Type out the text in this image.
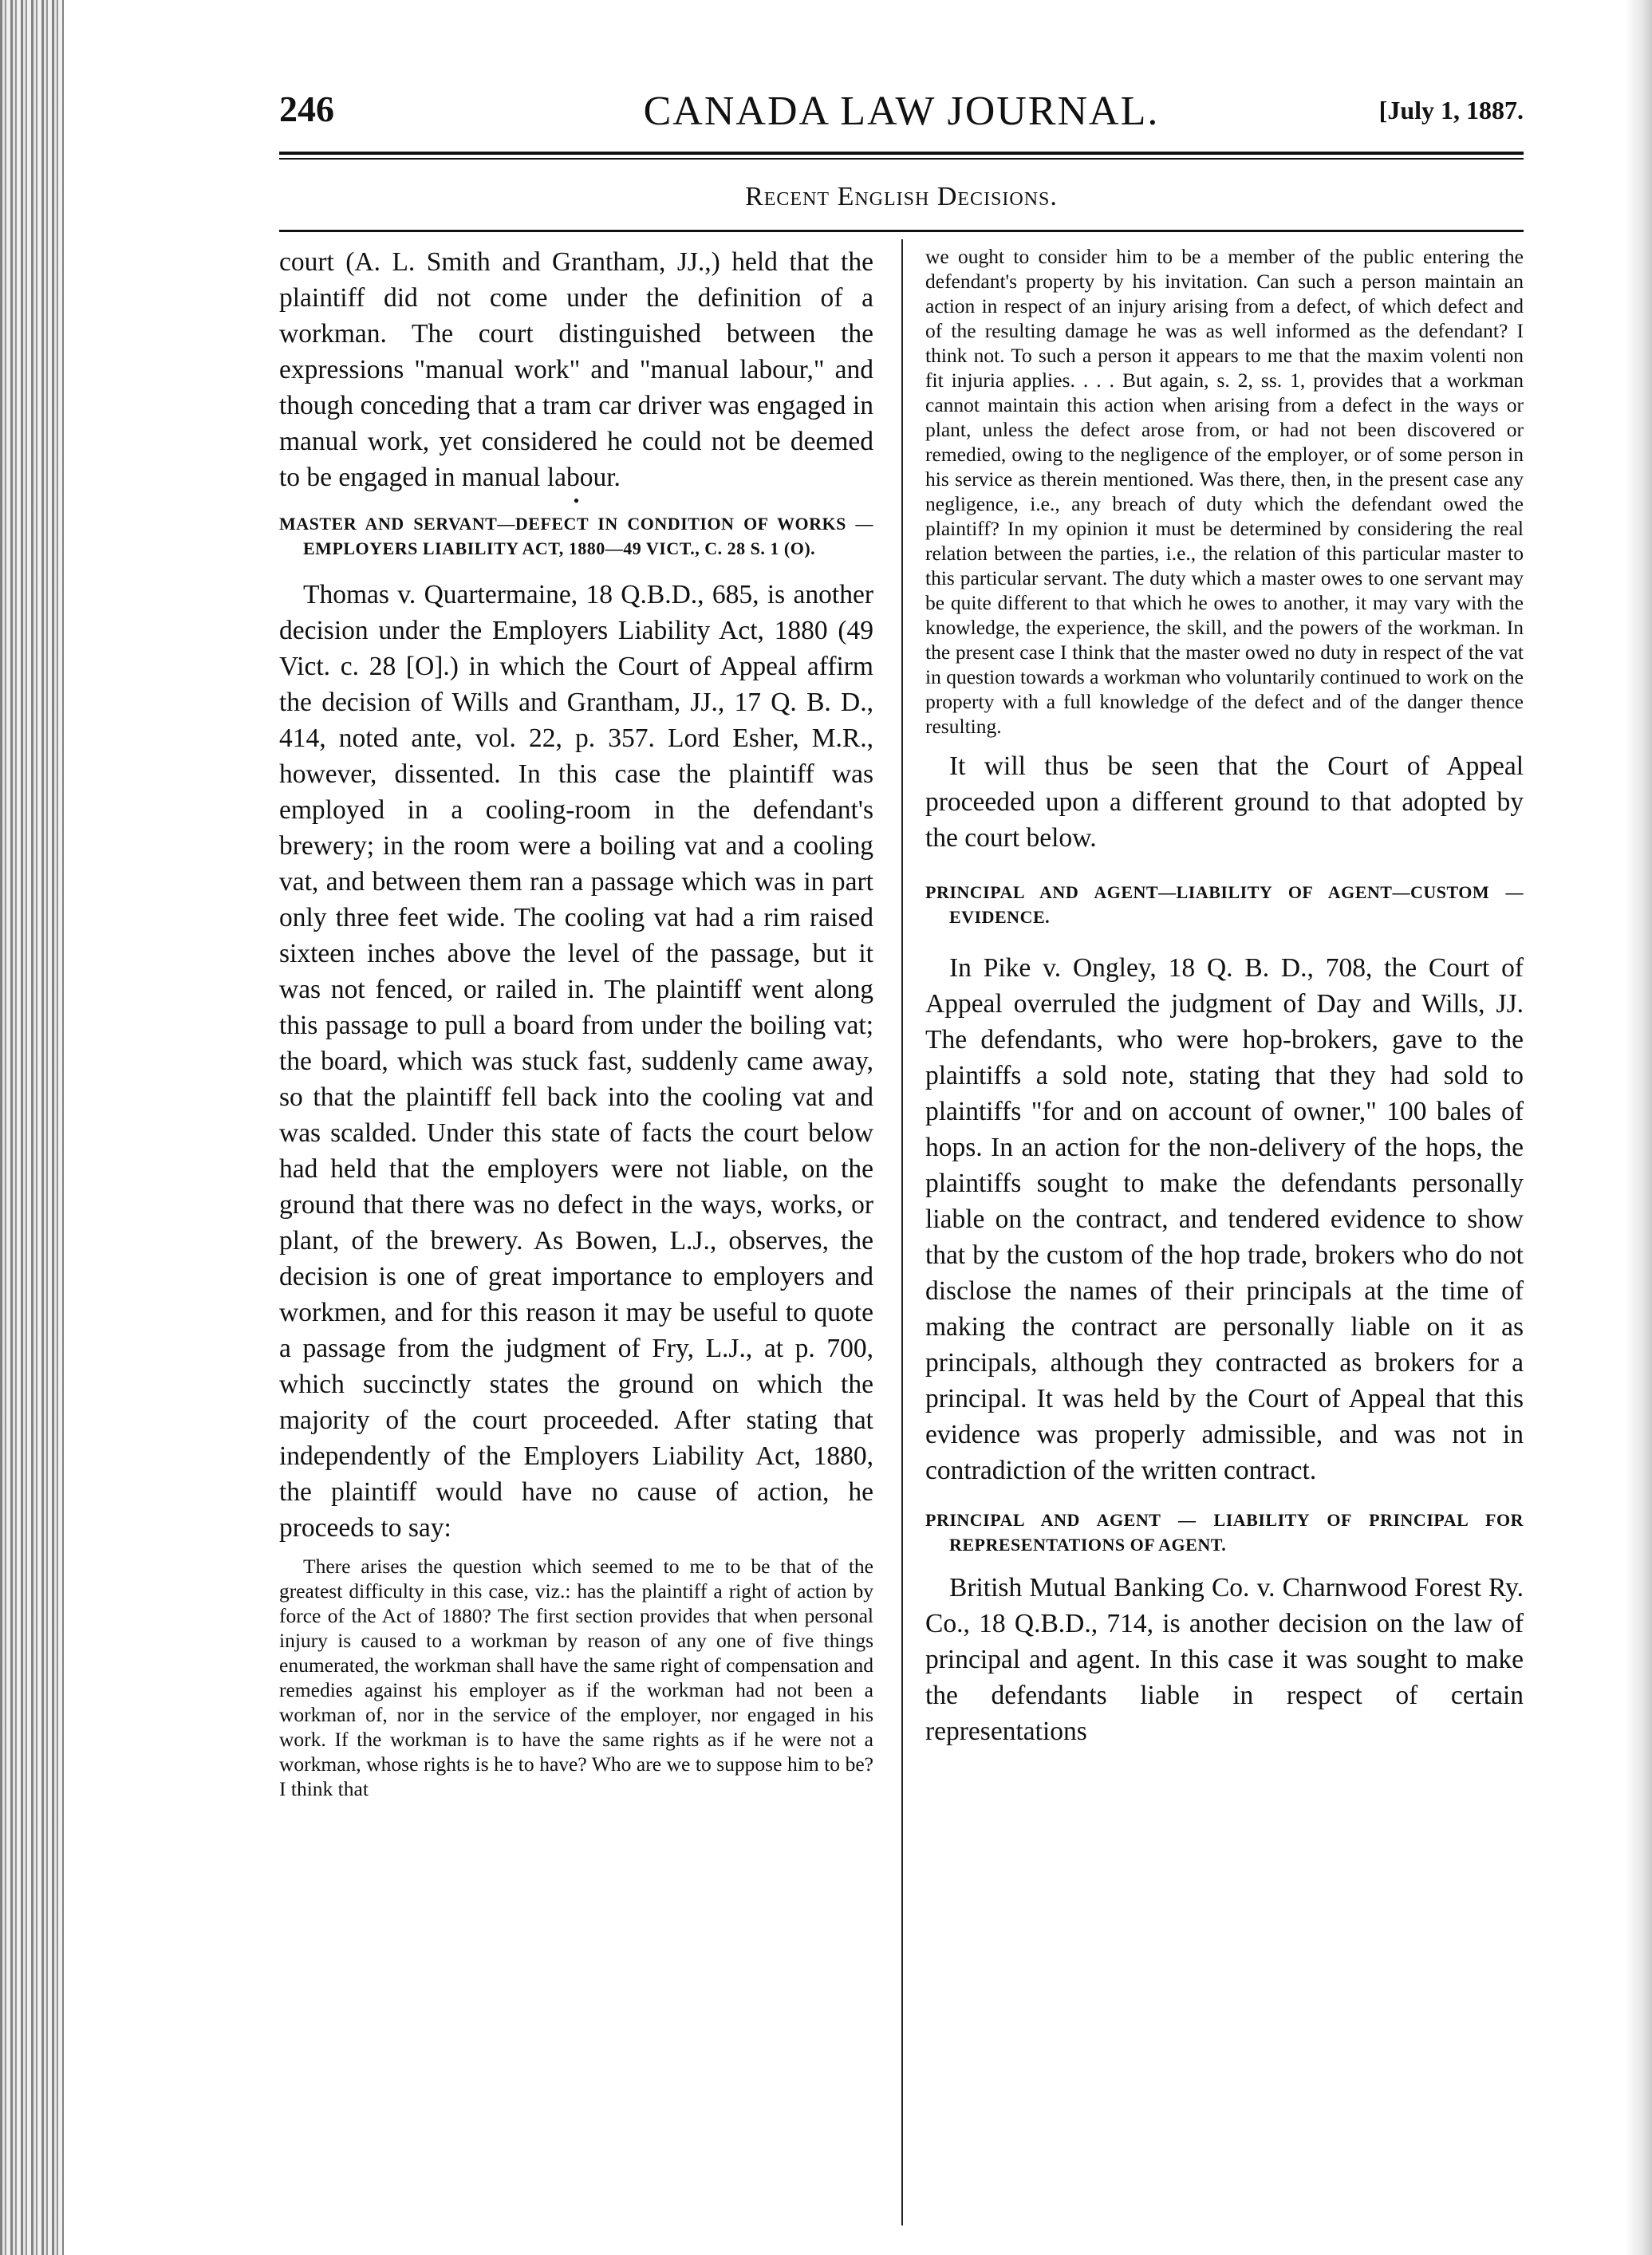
246	CANADA LAW JOURNAL.	[July 1, 1887.
Recent English Decisions.

court (A. L. Smith and Grantham, JJ.,) held that the plaintiff did not come under the definition of a workman. The court distinguished between the expressions "manual work" and "manual labour," and though conceding that a tram car driver was engaged in manual work, yet considered he could not be deemed to be engaged in manual labour.

•

MASTER AND SERVANT—DEFECT IN CONDITION OF WORKS —EMPLOYERS LIABILITY ACT, 1880—49 VICT., C. 28 S. 1 (O).

Thomas v. Quartermaine, 18 Q.B.D., 685, is another decision under the Employers Liability Act, 1880 (49 Vict. c. 28 [O].) in which the Court of Appeal affirm the decision of Wills and Grantham, JJ., 17 Q. B. D., 414, noted ante, vol. 22, p. 357. Lord Esher, M.R., however, dissented. In this case the plaintiff was employed in a cooling-room in the defendant's brewery; in the room were a boiling vat and a cooling vat, and between them ran a passage which was in part only three feet wide. The cooling vat had a rim raised sixteen inches above the level of the passage, but it was not fenced, or railed in. The plaintiff went along this passage to pull a board from under the boiling vat; the board, which was stuck fast, suddenly came away, so that the plaintiff fell back into the cooling vat and was scalded. Under this state of facts the court below had held that the employers were not liable, on the ground that there was no defect in the ways, works, or plant, of the brewery. As Bowen, L.J., observes, the decision is one of great importance to employers and workmen, and for this reason it may be useful to quote a passage from the judgment of Fry, L.J., at p. 700, which succinctly states the ground on which the majority of the court proceeded. After stating that independently of the Employers Liability Act, 1880, the plaintiff would have no cause of action, he proceeds to say:

There arises the question which seemed to me to be that of the greatest difficulty in this case, viz.: has the plaintiff a right of action by force of the Act of 1880? The first section provides that when personal injury is caused to a workman by reason of any one of five things enumerated, the workman shall have the same right of compensation and remedies against his employer as if the workman had not been a workman of, nor in the service of the employer, nor engaged in his work. If the workman is to have the same rights as if he were not a workman, whose rights is he to have? Who are we to suppose him to be? I think that

we ought to consider him to be a member of the public entering the defendant's property by his invitation. Can such a person maintain an action in respect of an injury arising from a defect, of which defect and of the resulting damage he was as well informed as the defendant? I think not. To such a person it appears to me that the maxim volenti non fit injuria applies. . . . But again, s. 2, ss. 1, provides that a workman cannot maintain this action when arising from a defect in the ways or plant, unless the defect arose from, or had not been discovered or remedied, owing to the negligence of the employer, or of some person in his service as therein mentioned. Was there, then, in the present case any negligence, i.e., any breach of duty which the defendant owed the plaintiff? In my opinion it must be determined by considering the real relation between the parties, i.e., the relation of this particular master to this particular servant. The duty which a master owes to one servant may be quite different to that which he owes to another, it may vary with the knowledge, the experience, the skill, and the powers of the workman. In the present case I think that the master owed no duty in respect of the vat in question towards a workman who voluntarily continued to work on the property with a full knowledge of the defect and of the danger thence resulting.

It will thus be seen that the Court of Appeal proceeded upon a different ground to that adopted by the court below.

PRINCIPAL AND AGENT—LIABILITY OF AGENT—CUSTOM —EVIDENCE.

In Pike v. Ongley, 18 Q. B. D., 708, the Court of Appeal overruled the judgment of Day and Wills, JJ. The defendants, who were hop-brokers, gave to the plaintiffs a sold note, stating that they had sold to plaintiffs "for and on account of owner," 100 bales of hops. In an action for the non-delivery of the hops, the plaintiffs sought to make the defendants personally liable on the contract, and tendered evidence to show that by the custom of the hop trade, brokers who do not disclose the names of their principals at the time of making the contract are personally liable on it as principals, although they contracted as brokers for a principal. It was held by the Court of Appeal that this evidence was properly admissible, and was not in contradiction of the written contract.

PRINCIPAL AND AGENT — LIABILITY OF PRINCIPAL FOR REPRESENTATIONS OF AGENT.

British Mutual Banking Co. v. Charnwood Forest Ry. Co., 18 Q.B.D., 714, is another decision on the law of principal and agent. In this case it was sought to make the defendants liable in respect of certain representations
